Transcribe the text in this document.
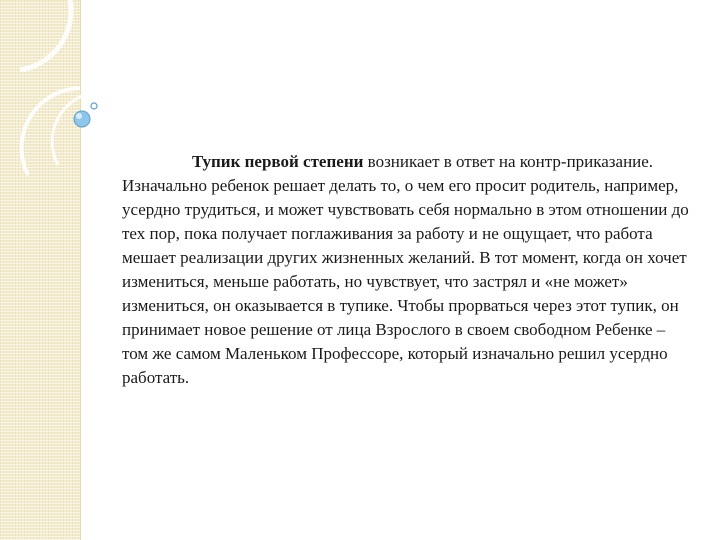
Тупик первой степени возникает в ответ на контр-приказание. Изначально ребенок решает делать то, о чем его просит родитель, например, усердно трудиться, и может чувствовать себя нормально в этом отношении до тех пор, пока получает поглаживания за работу и не ощущает, что работа мешает реализации других жизненных желаний. В тот момент, когда он хочет измениться, меньше работать, но чувствует, что застрял и «не может» измениться, он оказывается в тупике. Чтобы прорваться через этот тупик, он принимает новое решение от лица Взрослого в своем свободном Ребенке – том же самом Маленьком Профессоре, который изначально решил усердно работать.
